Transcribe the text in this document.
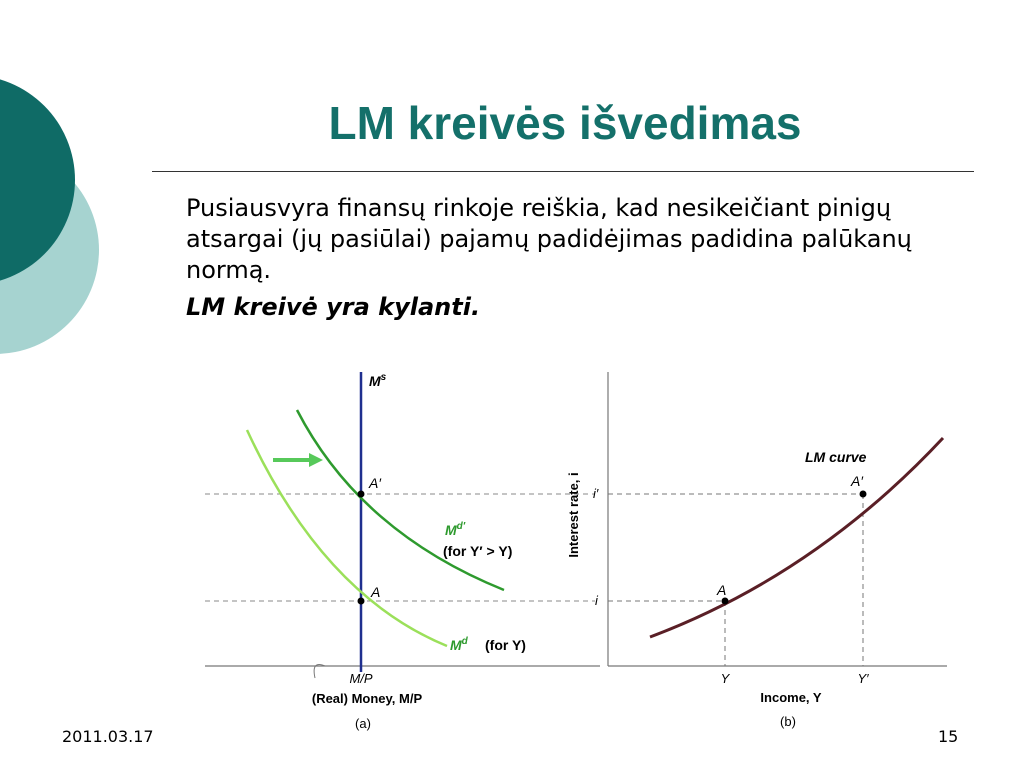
LM kreivės išvedimas

Pusiausvyra finansų rinkoje reiškia, kad nesikeičiant pinigų atsargai (jų pasiūlai) pajamų padidėjimas padidina palūkanų normą.

LM kreivė yra kylanti.

$M^s$
A′
A
$M^{d'}$
(for Y′ > Y)
$M^d$ (for Y)
M/P
(Real) Money, M/P
(a)
Interest rate, i i′
i
LM curve
A
A′
Y	Y′
Income, Y
(b)
2011.03.17	15
